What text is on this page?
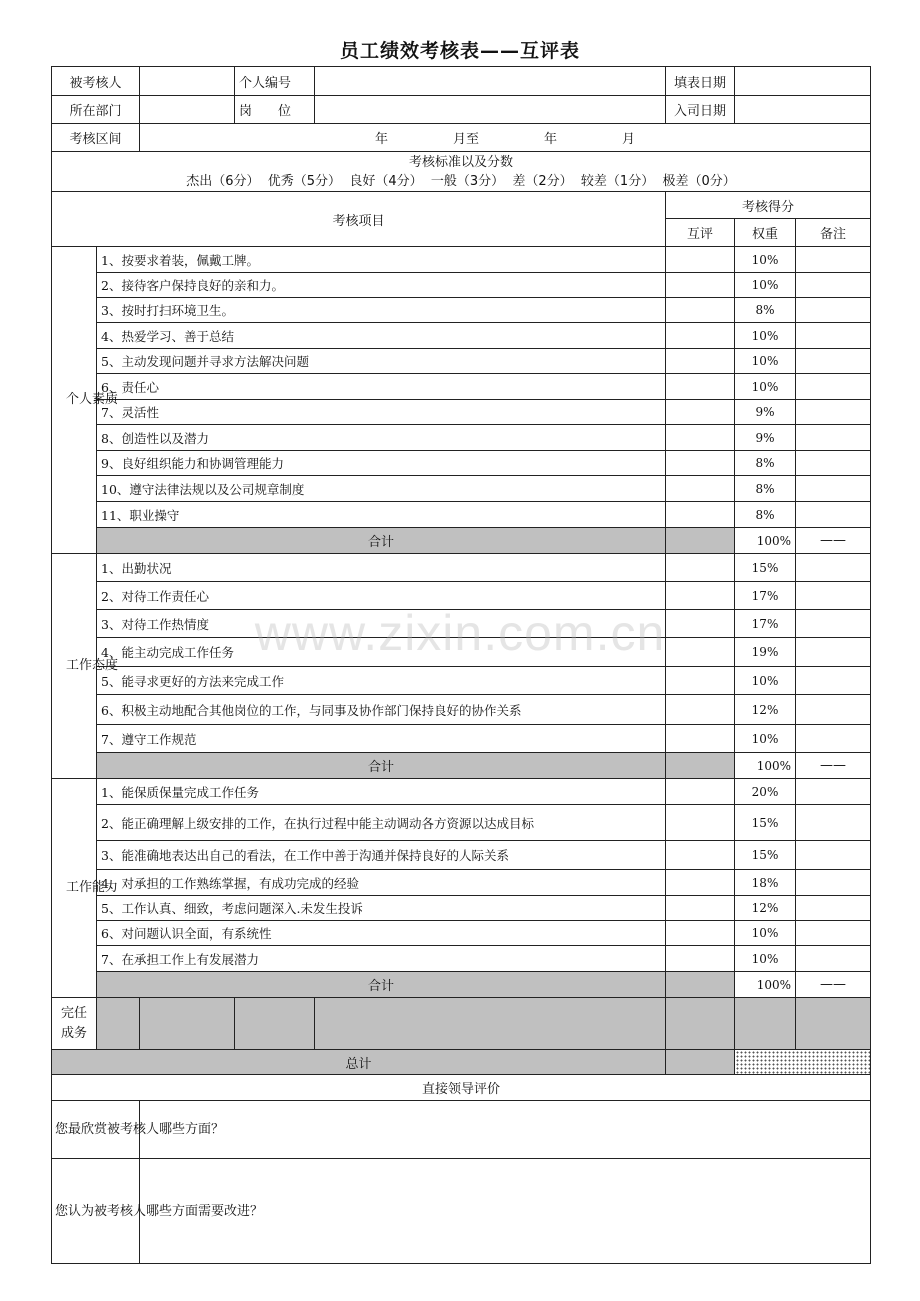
员工绩效考核表——互评表
被考核人			个人编号		填表日期		
所在部门			岗　　位		入司日期		
考核区间		年　　　　　月至　　　　　年　　　　　月					

考核标准以及分数
杰出（6分）  优秀（5分）  良好（4分）  一般（3分）  差（2分）  较差（1分）  极差（0分）							

考核项目					考核得分		
					互评	权重	备注
个人素质	1、按要求着装，佩戴工牌。					10%	
	2、接待客户保持良好的亲和力。					10%	
	3、按时打扫环境卫生。					8%	
	4、热爱学习、善于总结					10%	
	5、主动发现问题并寻求方法解决问题					10%	
	6、责任心					10%	
	7、灵活性					9%	
	8、创造性以及潜力					9%	
	9、良好组织能力和协调管理能力					8%	
	10、遵守法律法规以及公司规章制度					8%	
	11、职业操守					8%	
	合计					100%	——
工作态度	1、出勤状况					15%	
	2、对待工作责任心					17%	
	3、对待工作热情度					17%	
	4、能主动完成工作任务					19%	
	5、能寻求更好的方法来完成工作					10%	
	6、积极主动地配合其他岗位的工作，与同事及协作部门保持良好的协作关系					12%	
	7、遵守工作规范					10%	
	合计					100%	——
工作能力	1、能保质保量完成工作任务					20%	
	2、能正确理解上级安排的工作，在执行过程中能主动调动各方资源以达成目标					15%	
	3、能准确地表达出自己的看法，在工作中善于沟通并保持良好的人际关系					15%	
	4、对承担的工作熟练掌握，有成功完成的经验					18%	
	5、工作认真、细致，考虑问题深入.未发生投诉					12%	
	6、对问题认识全面，有系统性					10%	
	7、在承担工作上有发展潜力					10%	
	合计					100%	——
完任成务							
总计							
直接领导评价							
您最欣赏被考核人哪些方面？							
您认为被考核人哪些方面需要改进？							
www.zixin.com.cn
